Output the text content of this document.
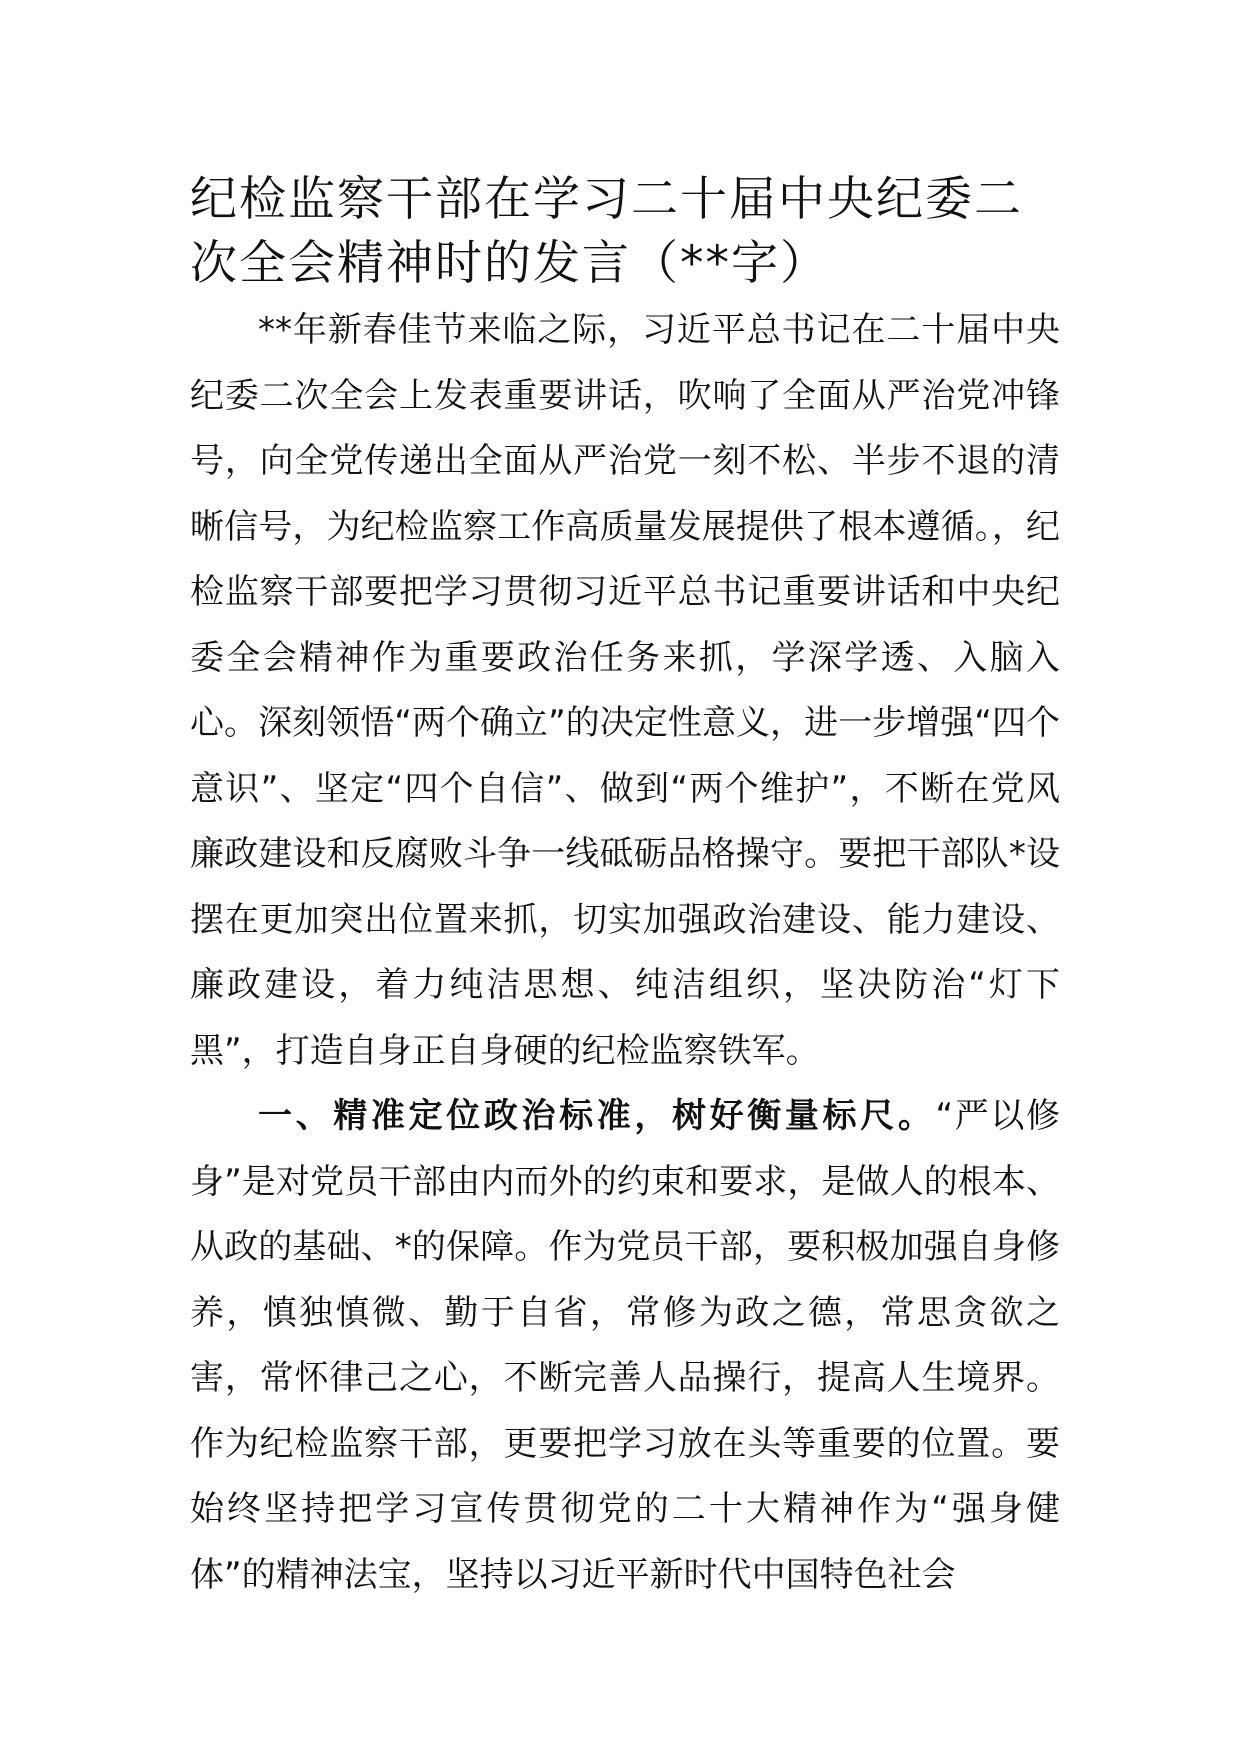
纪检监察干部在学习二十届中央纪委二次全会精神时的发言（**字）

**年新春佳节来临之际，习近平总书记在二十届中央纪委二次全会上发表重要讲话，吹响了全面从严治党冲锋号，向全党传递出全面从严治党一刻不松、半步不退的清晰信号，为纪检监察工作高质量发展提供了根本遵循。，纪检监察干部要把学习贯彻习近平总书记重要讲话和中央纪委全会精神作为重要政治任务来抓，学深学透、入脑入心。深刻领悟“两个确立”的决定性意义，进一步增强“四个意识”、坚定“四个自信”、做到“两个维护”，不断在党风廉政建设和反腐败斗争一线砥砺品格操守。要把干部队*设摆在更加突出位置来抓，切实加强政治建设、能力建设、廉政建设，着力纯洁思想、纯洁组织，坚决防治“灯下黑”，打造自身正自身硬的纪检监察铁军。

一、精准定位政治标准，树好衡量标尺。“严以修身”是对党员干部由内而外的约束和要求，是做人的根本、从政的基础、*的保障。作为党员干部，要积极加强自身修养，慎独慎微、勤于自省，常修为政之德，常思贪欲之害，常怀律己之心，不断完善人品操行，提高人生境界。作为纪检监察干部，更要把学习放在头等重要的位置。要始终坚持把学习宣传贯彻党的二十大精神作为“强身健体”的精神法宝，坚持以习近平新时代中国特色社会
